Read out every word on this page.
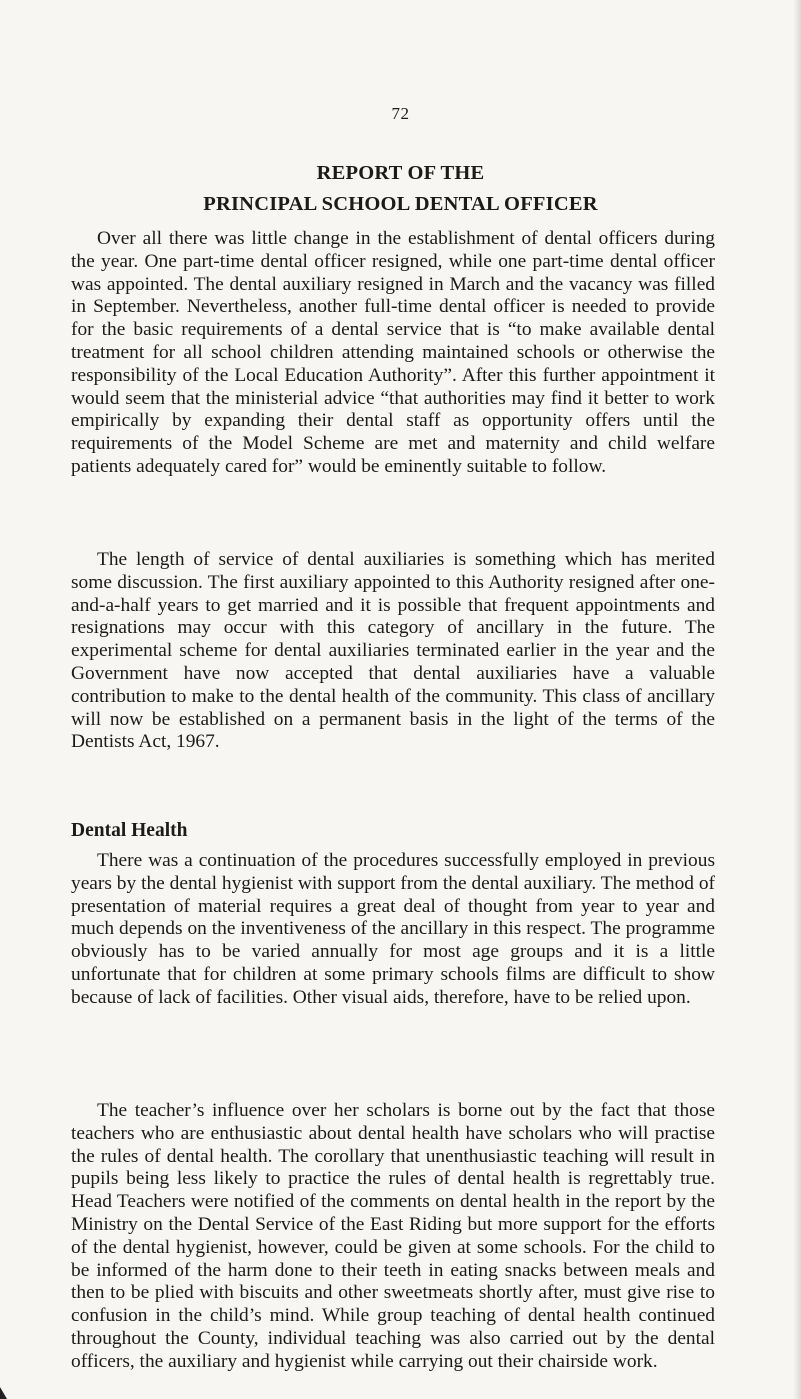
72
REPORT OF THE
PRINCIPAL SCHOOL DENTAL OFFICER

Over all there was little change in the establishment of dental officers during the year. One part-time dental officer resigned, while one part-time dental officer was appointed. The dental auxiliary resigned in March and the vacancy was filled in September. Nevertheless, another full-time dental officer is needed to provide for the basic requirements of a dental service that is “to make available dental treatment for all school children attending maintained schools or otherwise the responsibility of the Local Education Authority”. After this further appointment it would seem that the ministerial advice “that authorities may find it better to work empirically by expanding their dental staff as opportunity offers until the requirements of the Model Scheme are met and maternity and child welfare patients adequately cared for” would be eminently suitable to follow.

The length of service of dental auxiliaries is something which has merited some discussion. The first auxiliary appointed to this Authority resigned after one-and-a-half years to get married and it is possible that frequent appointments and resignations may occur with this category of ancillary in the future. The experimental scheme for dental auxiliaries terminated earlier in the year and the Government have now accepted that dental auxiliaries have a valuable contribution to make to the dental health of the community. This class of ancillary will now be established on a permanent basis in the light of the terms of the Dentists Act, 1967.

Dental Health

There was a continuation of the procedures successfully employed in previous years by the dental hygienist with support from the dental auxiliary. The method of presentation of material requires a great deal of thought from year to year and much depends on the inventiveness of the ancillary in this respect. The programme obviously has to be varied annually for most age groups and it is a little unfortunate that for children at some primary schools films are difficult to show because of lack of facilities. Other visual aids, therefore, have to be relied upon.

The teacher’s influence over her scholars is borne out by the fact that those teachers who are enthusiastic about dental health have scholars who will practise the rules of dental health. The corollary that unenthusiastic teaching will result in pupils being less likely to practice the rules of dental health is regrettably true. Head Teachers were notified of the comments on dental health in the report by the Ministry on the Dental Service of the East Riding but more support for the efforts of the dental hygienist, however, could be given at some schools. For the child to be informed of the harm done to their teeth in eating snacks between meals and then to be plied with biscuits and other sweetmeats shortly after, must give rise to confusion in the child’s mind. While group teaching of dental health continued throughout the County, individual teaching was also carried out by the dental officers, the auxiliary and hygienist while carrying out their chairside work.
